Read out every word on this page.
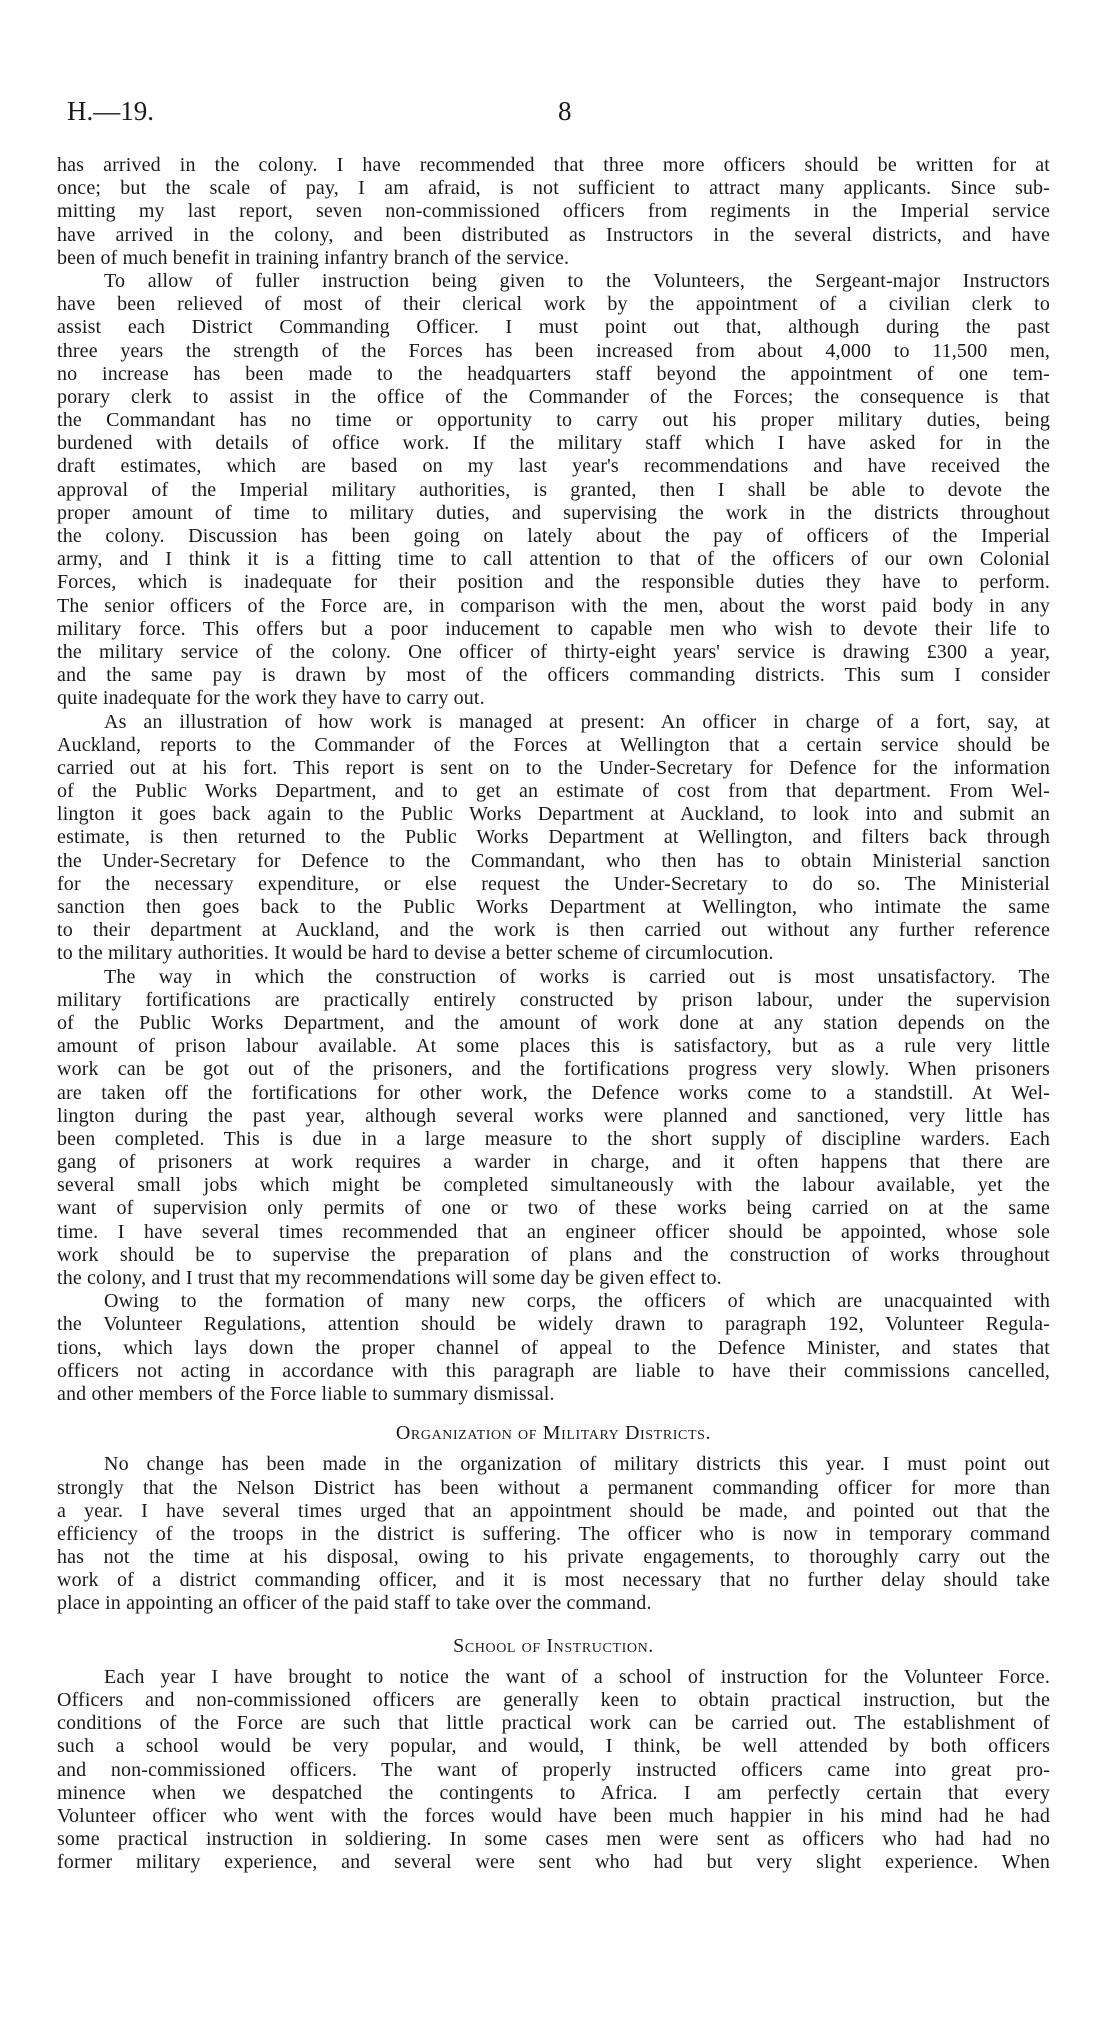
H.—19.	8
has arrived in the colony. I have recommended that three more officers should be written for at
once; but the scale of pay, I am afraid, is not sufficient to attract many applicants. Since sub-
mitting my last report, seven non-commissioned officers from regiments in the Imperial service
have arrived in the colony, and been distributed as Instructors in the several districts, and have
been of much benefit in training infantry branch of the service.
To allow of fuller instruction being given to the Volunteers, the Sergeant-major Instructors
have been relieved of most of their clerical work by the appointment of a civilian clerk to
assist each District Commanding Officer. I must point out that, although during the past
three years the strength of the Forces has been increased from about 4,000 to 11,500 men,
no increase has been made to the headquarters staff beyond the appointment of one tem-
porary clerk to assist in the office of the Commander of the Forces; the consequence is that
the Commandant has no time or opportunity to carry out his proper military duties, being
burdened with details of office work. If the military staff which I have asked for in the
draft estimates, which are based on my last year's recommendations and have received the
approval of the Imperial military authorities, is granted, then I shall be able to devote the
proper amount of time to military duties, and supervising the work in the districts throughout
the colony. Discussion has been going on lately about the pay of officers of the Imperial
army, and I think it is a fitting time to call attention to that of the officers of our own Colonial
Forces, which is inadequate for their position and the responsible duties they have to perform.
The senior officers of the Force are, in comparison with the men, about the worst paid body in any
military force. This offers but a poor inducement to capable men who wish to devote their life to
the military service of the colony. One officer of thirty-eight years' service is drawing £300 a year,
and the same pay is drawn by most of the officers commanding districts. This sum I consider
quite inadequate for the work they have to carry out.
As an illustration of how work is managed at present: An officer in charge of a fort, say, at
Auckland, reports to the Commander of the Forces at Wellington that a certain service should be
carried out at his fort. This report is sent on to the Under-Secretary for Defence for the information
of the Public Works Department, and to get an estimate of cost from that department. From Wel-
lington it goes back again to the Public Works Department at Auckland, to look into and submit an
estimate, is then returned to the Public Works Department at Wellington, and filters back through
the Under-Secretary for Defence to the Commandant, who then has to obtain Ministerial sanction
for the necessary expenditure, or else request the Under-Secretary to do so. The Ministerial
sanction then goes back to the Public Works Department at Wellington, who intimate the same
to their department at Auckland, and the work is then carried out without any further reference
to the military authorities. It would be hard to devise a better scheme of circumlocution.
The way in which the construction of works is carried out is most unsatisfactory. The
military fortifications are practically entirely constructed by prison labour, under the supervision
of the Public Works Department, and the amount of work done at any station depends on the
amount of prison labour available. At some places this is satisfactory, but as a rule very little
work can be got out of the prisoners, and the fortifications progress very slowly. When prisoners
are taken off the fortifications for other work, the Defence works come to a standstill. At Wel-
lington during the past year, although several works were planned and sanctioned, very little has
been completed. This is due in a large measure to the short supply of discipline warders. Each
gang of prisoners at work requires a warder in charge, and it often happens that there are
several small jobs which might be completed simultaneously with the labour available, yet the
want of supervision only permits of one or two of these works being carried on at the same
time. I have several times recommended that an engineer officer should be appointed, whose sole
work should be to supervise the preparation of plans and the construction of works throughout
the colony, and I trust that my recommendations will some day be given effect to.
Owing to the formation of many new corps, the officers of which are unacquainted with
the Volunteer Regulations, attention should be widely drawn to paragraph 192, Volunteer Regula-
tions, which lays down the proper channel of appeal to the Defence Minister, and states that
officers not acting in accordance with this paragraph are liable to have their commissions cancelled,
and other members of the Force liable to summary dismissal.
Organization of Military Districts.
No change has been made in the organization of military districts this year. I must point out
strongly that the Nelson District has been without a permanent commanding officer for more than
a year. I have several times urged that an appointment should be made, and pointed out that the
efficiency of the troops in the district is suffering. The officer who is now in temporary command
has not the time at his disposal, owing to his private engagements, to thoroughly carry out the
work of a district commanding officer, and it is most necessary that no further delay should take
place in appointing an officer of the paid staff to take over the command.
School of Instruction.
Each year I have brought to notice the want of a school of instruction for the Volunteer Force.
Officers and non-commissioned officers are generally keen to obtain practical instruction, but the
conditions of the Force are such that little practical work can be carried out. The establishment of
such a school would be very popular, and would, I think, be well attended by both officers
and non-commissioned officers. The want of properly instructed officers came into great pro-
minence when we despatched the contingents to Africa. I am perfectly certain that every
Volunteer officer who went with the forces would have been much happier in his mind had he had
some practical instruction in soldiering. In some cases men were sent as officers who had had no
former military experience, and several were sent who had but very slight experience. When
